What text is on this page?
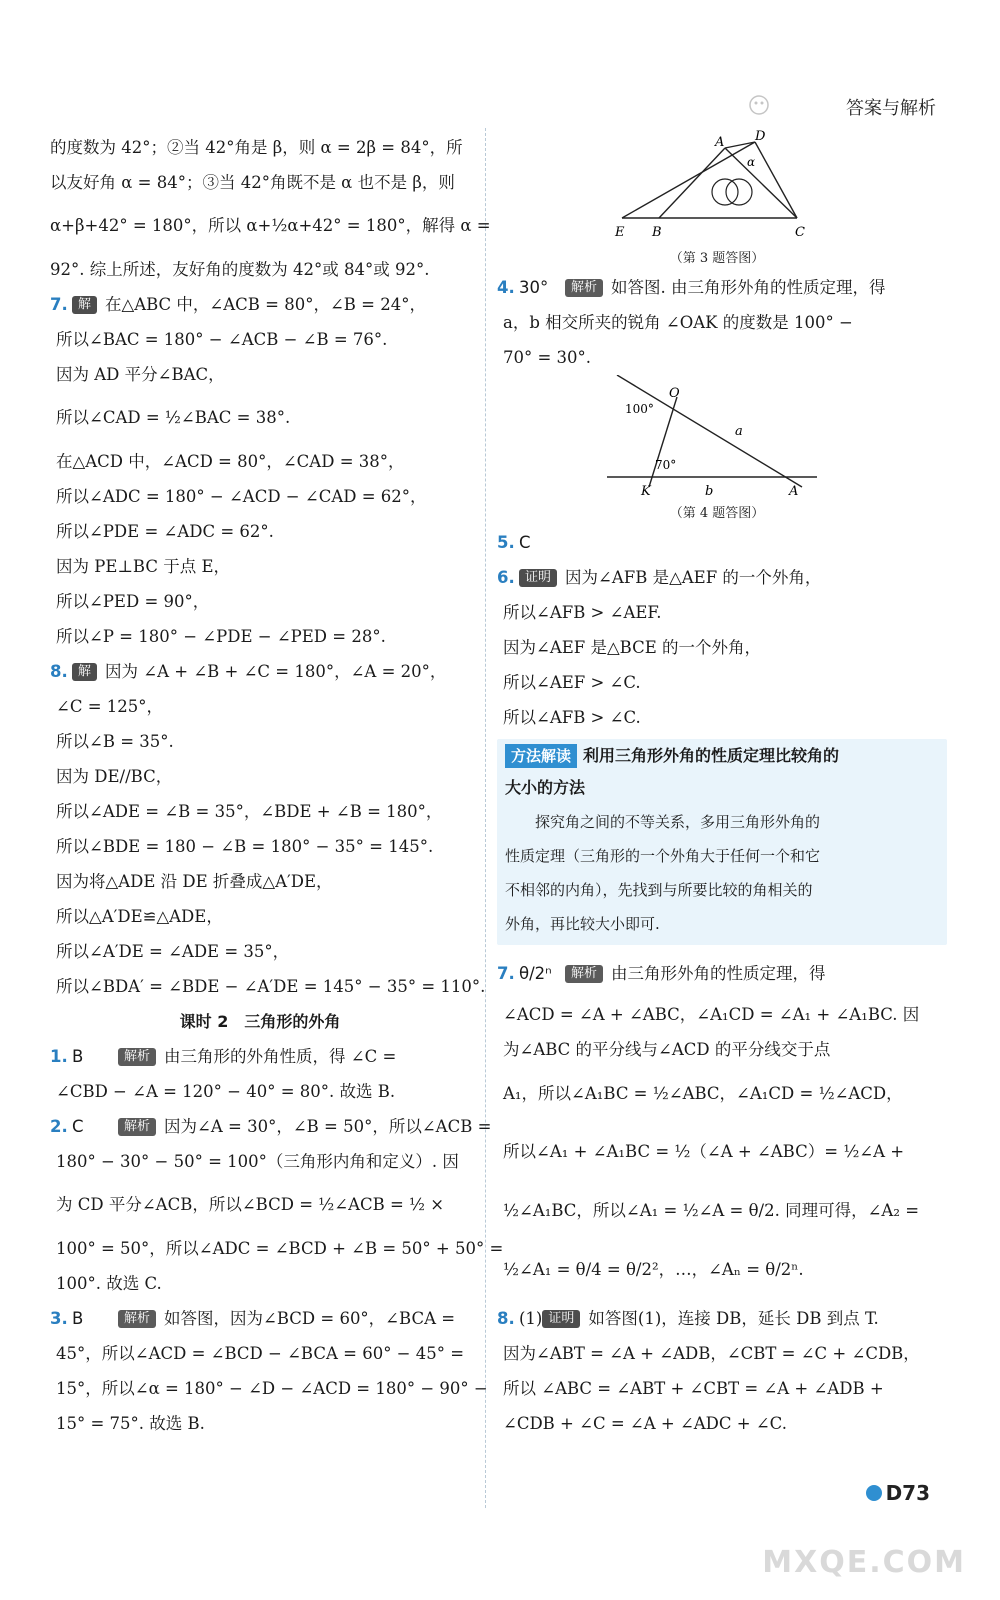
答案与解析
的度数为 42°；②当 42°角是 β，则 α = 2β = 84°，所
以友好角 α = 84°；③当 42°角既不是 α 也不是 β，则
α+β+42° = 180°，所以 α+½α+42° = 180°，解得 α =
92°. 综上所述，友好角的度数为 42°或 84°或 92°.
7. 解 在△ABC 中，∠ACB = 80°，∠B = 24°，
所以∠BAC = 180° − ∠ACB − ∠B = 76°.
因为 AD 平分∠BAC，
所以∠CAD = ½∠BAC = 38°.
在△ACD 中，∠ACD = 80°，∠CAD = 38°，
所以∠ADC = 180° − ∠ACD − ∠CAD = 62°，
所以∠PDE = ∠ADC = 62°.
因为 PE⊥BC 于点 E，
所以∠PED = 90°，
所以∠P = 180° − ∠PDE − ∠PED = 28°.
8. 解 因为 ∠A + ∠B + ∠C = 180°，∠A = 20°，
∠C = 125°，
所以∠B = 35°.
因为 DE//BC，
所以∠ADE = ∠B = 35°，∠BDE + ∠B = 180°，
所以∠BDE = 180 − ∠B = 180° − 35° = 145°.
因为将△ADE 沿 DE 折叠成△A′DE，
所以△A′DE≌△ADE，
所以∠A′DE = ∠ADE = 35°，
所以∠BDA′ = ∠BDE − ∠A′DE = 145° − 35° = 110°.
课时 2　三角形的外角
1. B	解析 由三角形的外角性质，得 ∠C =
∠CBD − ∠A = 120° − 40° = 80°. 故选 B.
2. C	解析 因为∠A = 30°，∠B = 50°，所以∠ACB =
180° − 30° − 50° = 100°（三角形内角和定义）. 因
为 CD 平分∠ACB，所以∠BCD = ½∠ACB = ½ ×
100° = 50°，所以∠ADC = ∠BCD + ∠B = 50° + 50° =
100°. 故选 C.
3. B	解析 如答图，因为∠BCD = 60°，∠BCA =
45°，所以∠ACD = ∠BCD − ∠BCA = 60° − 45° =
15°，所以∠α = 180° − ∠D − ∠ACD = 180° − 90° −
15° = 75°. 故选 B.
A D
α
E B	C
（第 3 题答图）
4. 30° 解析 如答图. 由三角形外角的性质定理，得
a，b 相交所夹的锐角 ∠OAK 的度数是 100° −
70° = 30°.
O
100°
a
70°
K	b	A
（第 4 题答图）
5. C
6. 证明 因为∠AFB 是△AEF 的一个外角，
所以∠AFB > ∠AEF.
因为∠AEF 是△BCE 的一个外角，
所以∠AEF > ∠C.
所以∠AFB > ∠C.
方法解读 利用三角形外角的性质定理比较角的
大小的方法
　　探究角之间的不等关系，多用三角形外角的
性质定理（三角形的一个外角大于任何一个和它
不相邻的内角），先找到与所要比较的角相关的
外角，再比较大小即可.
7. θ/2ⁿ 解析 由三角形外角的性质定理，得
∠ACD = ∠A + ∠ABC，∠A₁CD = ∠A₁ + ∠A₁BC. 因
为∠ABC 的平分线与∠ACD 的平分线交于点
A₁，所以∠A₁BC = ½∠ABC，∠A₁CD = ½∠ACD，
所以∠A₁ + ∠A₁BC = ½（∠A + ∠ABC）= ½∠A +
½∠A₁BC，所以∠A₁ = ½∠A = θ/2. 同理可得，∠A₂ =
½∠A₁ = θ/4 = θ/2²，…，∠Aₙ = θ/2ⁿ.
8. (1) 证明 如答图(1)，连接 DB，延长 DB 到点 T.
因为∠ABT = ∠A + ∠ADB，∠CBT = ∠C + ∠CDB，
所以 ∠ABC = ∠ABT + ∠CBT = ∠A + ∠ADB +
∠CDB + ∠C = ∠A + ∠ADC + ∠C.
D73
MXQE.COM
